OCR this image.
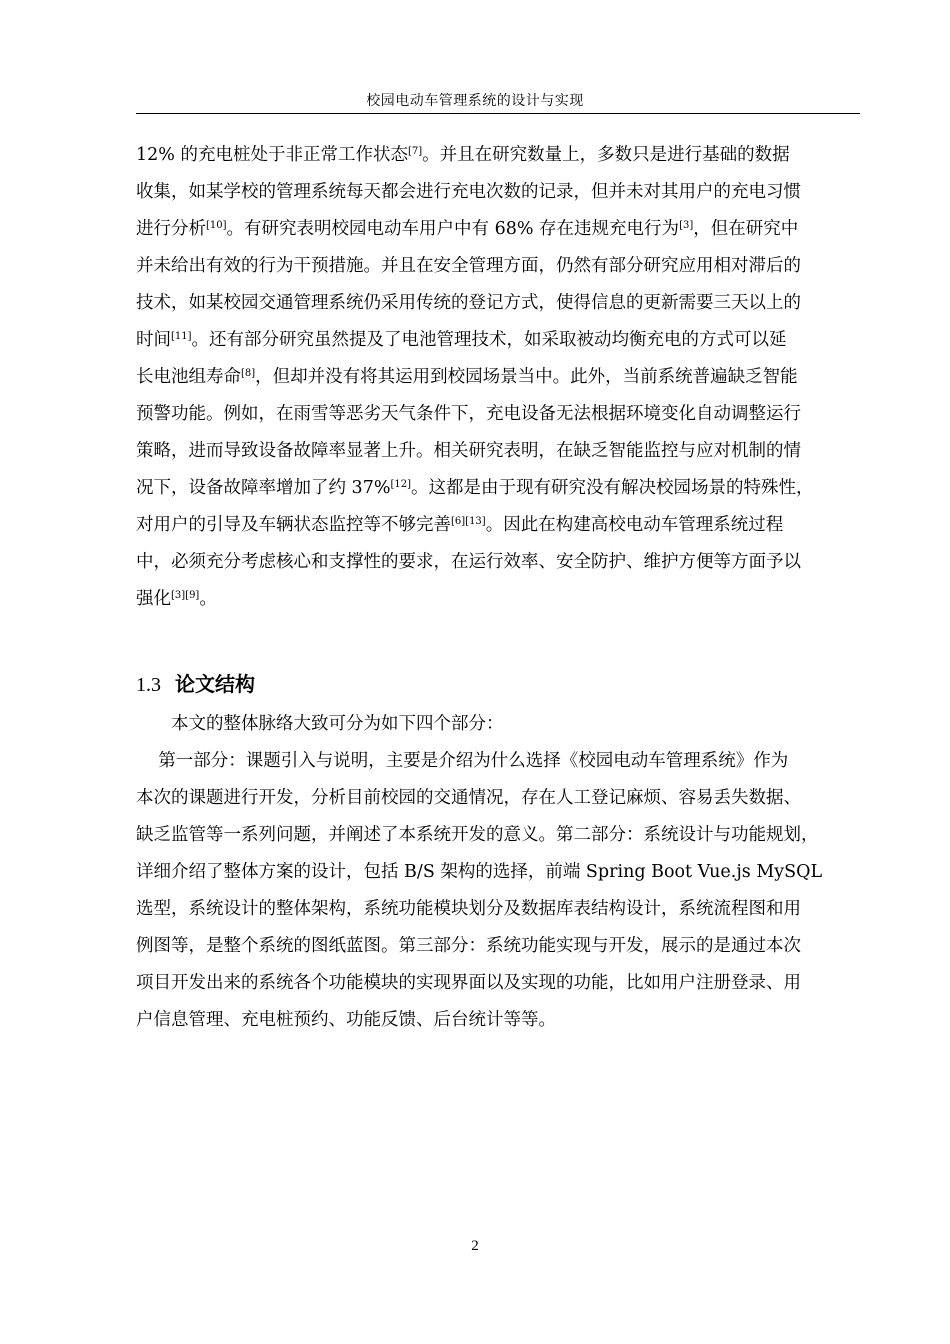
校园电动车管理系统的设计与实现
12% 的充电桩处于非正常工作状态[7]。并且在研究数量上，多数只是进行基础的数据
收集，如某学校的管理系统每天都会进行充电次数的记录，但并未对其用户的充电习惯
进行分析[10]。有研究表明校园电动车用户中有 68% 存在违规充电行为[3]，但在研究中
并未给出有效的行为干预措施。并且在安全管理方面，仍然有部分研究应用相对滞后的
技术，如某校园交通管理系统仍采用传统的登记方式，使得信息的更新需要三天以上的
时间[11]。还有部分研究虽然提及了电池管理技术，如采取被动均衡充电的方式可以延
长电池组寿命[8]，但却并没有将其运用到校园场景当中。此外，当前系统普遍缺乏智能
预警功能。例如，在雨雪等恶劣天气条件下，充电设备无法根据环境变化自动调整运行
策略，进而导致设备故障率显著上升。相关研究表明，在缺乏智能监控与应对机制的情
况下，设备故障率增加了约 37%[12]。这都是由于现有研究没有解决校园场景的特殊性，
对用户的引导及车辆状态监控等不够完善[6][13]。因此在构建高校电动车管理系统过程
中，必须充分考虑核心和支撑性的要求，在运行效率、安全防护、维护方便等方面予以
强化[3][9]。
1.3 论文结构
本文的整体脉络大致可分为如下四个部分：
第一部分：课题引入与说明，主要是介绍为什么选择《校园电动车管理系统》作为
本次的课题进行开发，分析目前校园的交通情况，存在人工登记麻烦、容易丢失数据、
缺乏监管等一系列问题，并阐述了本系统开发的意义。第二部分：系统设计与功能规划，
详细介绍了整体方案的设计，包括 B/S 架构的选择，前端 Spring Boot Vue.js MySQL
选型，系统设计的整体架构，系统功能模块划分及数据库表结构设计，系统流程图和用
例图等，是整个系统的图纸蓝图。第三部分：系统功能实现与开发，展示的是通过本次
项目开发出来的系统各个功能模块的实现界面以及实现的功能，比如用户注册登录、用
户信息管理、充电桩预约、功能反馈、后台统计等等。
2
